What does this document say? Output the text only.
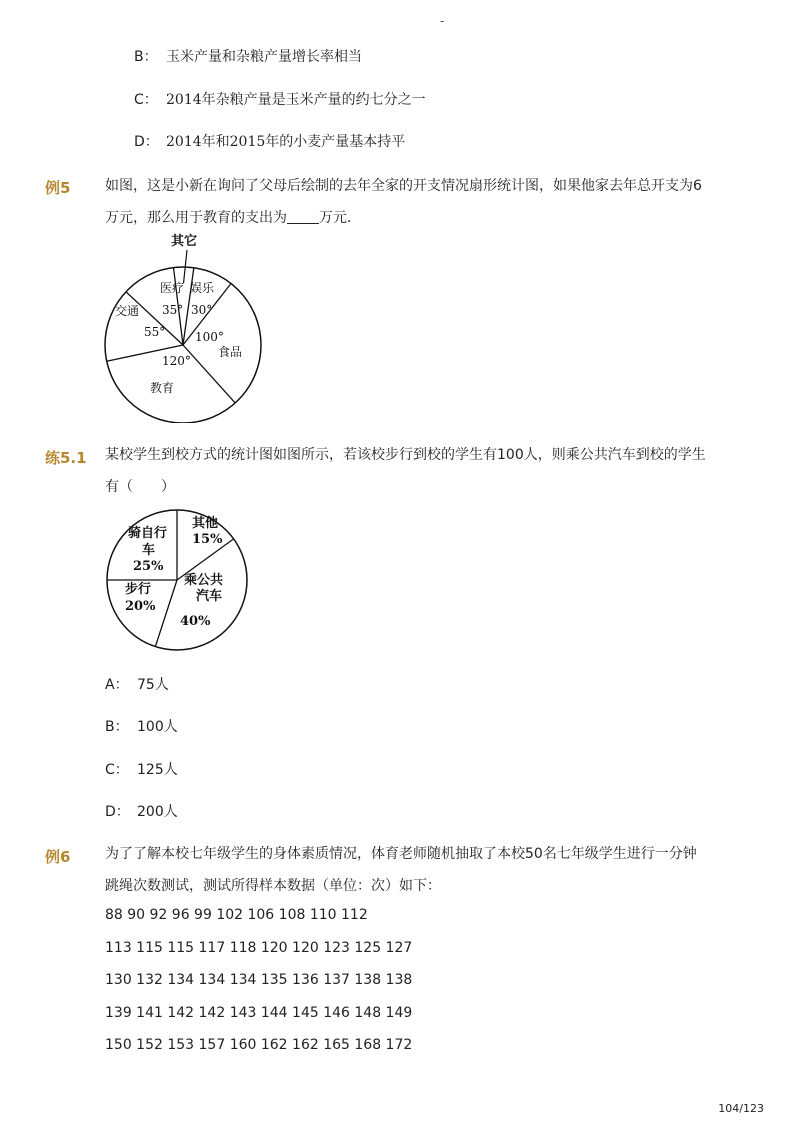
-
B： 玉米产量和杂粮产量增长率相当
C： 2014年杂粮产量是玉米产量的约七分之一
D： 2014年和2015年的小麦产量基本持平
例5 如图，这是小新在询问了父母后绘制的去年全家的开支情况扇形统计图，如果他家去年总开支为6
万元，那么用于教育的支出为 万元．
其它
医疗
35°
娱乐
30°
交通
55° 100°
食品
120°
教育
练5.1 某校学生到校方式的统计图如图所示，若该校步行到校的学生有100人，则乘公共汽车到校的学生
有（　　）
其他
15%
骑自行
车
25%
步行
20%
乘公共
汽车
40%
A： 75人
B： 100人
C： 125人
D： 200人
例6 为了了解本校七年级学生的身体素质情况，体育老师随机抽取了本校50名七年级学生进行一分钟
跳绳次数测试，测试所得样本数据（单位：次）如下：
88 90 92 96 99 102 106 108 110 112
113 115 115 117 118 120 120 123 125 127
130 132 134 134 134 135 136 137 138 138
139 141 142 142 143 144 145 146 148 149
150 152 153 157 160 162 162 165 168 172
104/123
